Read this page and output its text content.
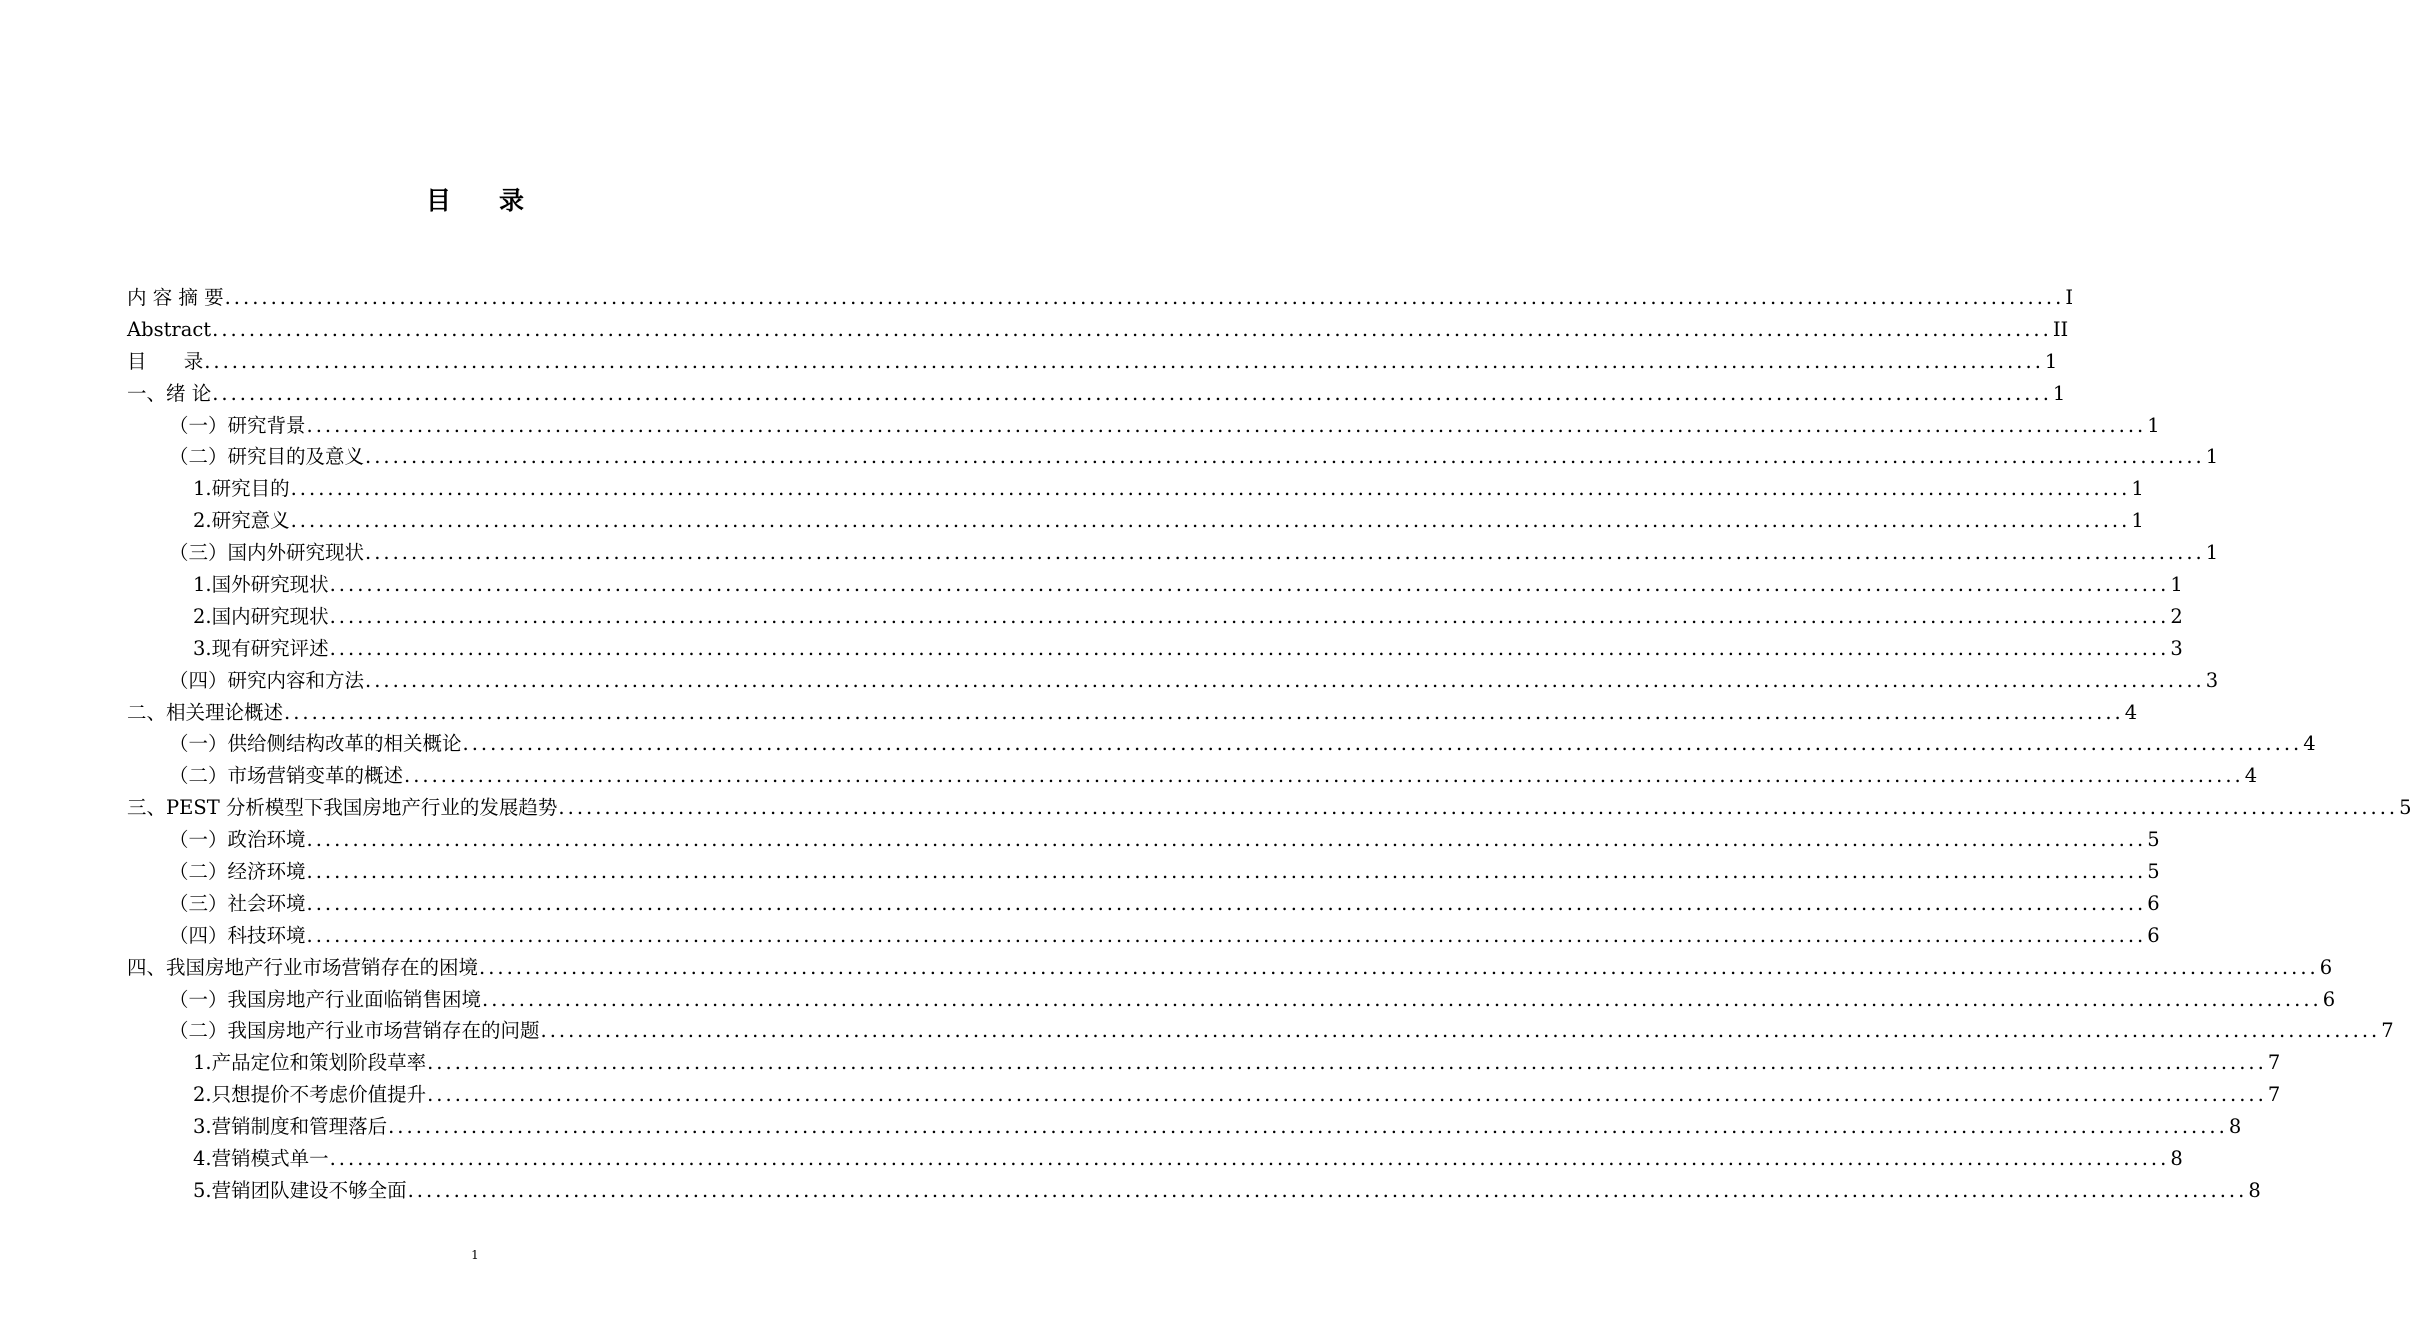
目 录
内 容 摘 要 ........................................................................................................................................................................................................ I
Abstract ........................................................................................................................................................................................................ II
目      录 ........................................................................................................................................................................................................ 1
一、绪 论 ........................................................................................................................................................................................................ 1
（一）研究背景 ........................................................................................................................................................................................................ 1
（二）研究目的及意义 ........................................................................................................................................................................................................ 1
1.研究目的 ........................................................................................................................................................................................................ 1
2.研究意义 ........................................................................................................................................................................................................ 1
（三）国内外研究现状 ........................................................................................................................................................................................................ 1
1.国外研究现状 ........................................................................................................................................................................................................ 1
2.国内研究现状 ........................................................................................................................................................................................................ 2
3.现有研究评述 ........................................................................................................................................................................................................ 3
（四）研究内容和方法 ........................................................................................................................................................................................................ 3
二、相关理论概述 ........................................................................................................................................................................................................ 4
（一）供给侧结构改革的相关概论 ........................................................................................................................................................................................................ 4
（二）市场营销变革的概述 ........................................................................................................................................................................................................ 4
三、PEST 分析模型下我国房地产行业的发展趋势 ........................................................................................................................................................................................................ 5
（一）政治环境 ........................................................................................................................................................................................................ 5
（二）经济环境 ........................................................................................................................................................................................................ 5
（三）社会环境 ........................................................................................................................................................................................................ 6
（四）科技环境 ........................................................................................................................................................................................................ 6
四、我国房地产行业市场营销存在的困境 ........................................................................................................................................................................................................ 6
（一）我国房地产行业面临销售困境 ........................................................................................................................................................................................................ 6
（二）我国房地产行业市场营销存在的问题 ........................................................................................................................................................................................................ 7
1.产品定位和策划阶段草率 ........................................................................................................................................................................................................ 7
2.只想提价不考虑价值提升 ........................................................................................................................................................................................................ 7
3.营销制度和管理落后 ........................................................................................................................................................................................................ 8
4.营销模式单一 ........................................................................................................................................................................................................ 8
5.营销团队建设不够全面 ........................................................................................................................................................................................................ 8
1
